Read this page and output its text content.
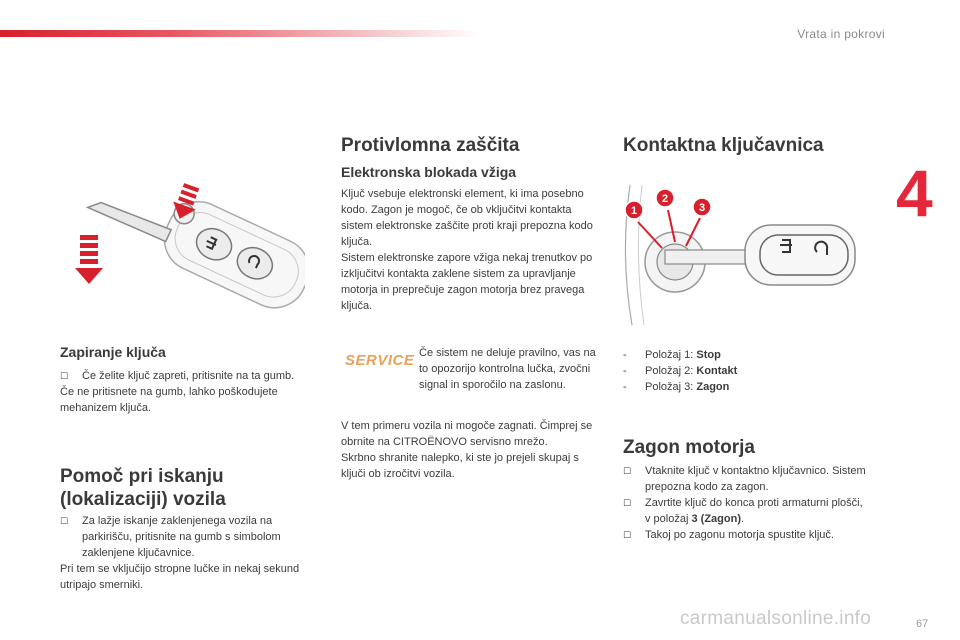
Vrata in pokrovi
4
67
Zapiranje ključa
☐ Če želite ključ zapreti, pritisnite na ta gumb.
Če ne pritisnete na gumb, lahko poškodujete mehanizem ključa.
Pomoč pri iskanju
(lokalizaciji) vozila
☐ Za lažje iskanje zaklenjenega vozila na parkirišču, pritisnite na gumb s simbolom zaklenjene ključavnice.
Pri tem se vključijo stropne lučke in nekaj sekund utripajo smerniki.
Protivlomna zaščita
Elektronska blokada vžiga
Ključ vsebuje elektronski element, ki ima posebno kodo. Zagon je mogoč, če ob vključitvi kontakta sistem elektronske zaščite proti kraji prepozna kodo ključa.
Sistem elektronske zapore vžiga nekaj trenutkov po izključitvi kontakta zaklene sistem za upravljanje motorja in preprečuje zagon motorja brez pravega ključa.
SERVICE Če sistem ne deluje pravilno, vas na to opozorijo kontrolna lučka, zvočni signal in sporočilo na zaslonu.
V tem primeru vozila ni mogoče zagnati. Čimprej se obrnite na CITROËNOVO servisno mrežo.
Skrbno shranite nalepko, ki ste jo prejeli skupaj s ključi ob izročitvi vozila.
Kontaktna ključavnica
1
2
3
- Položaj 1: Stop
- Položaj 2: Kontakt
- Položaj 3: Zagon
Zagon motorja
☐ Vtaknite ključ v kontaktno ključavnico. Sistem prepozna kodo za zagon.
☐ Zavrtite ključ do konca proti armaturni plošči, v položaj 3 (Zagon).
☐ Takoj po zagonu motorja spustite ključ.
carmanualsonline.info
